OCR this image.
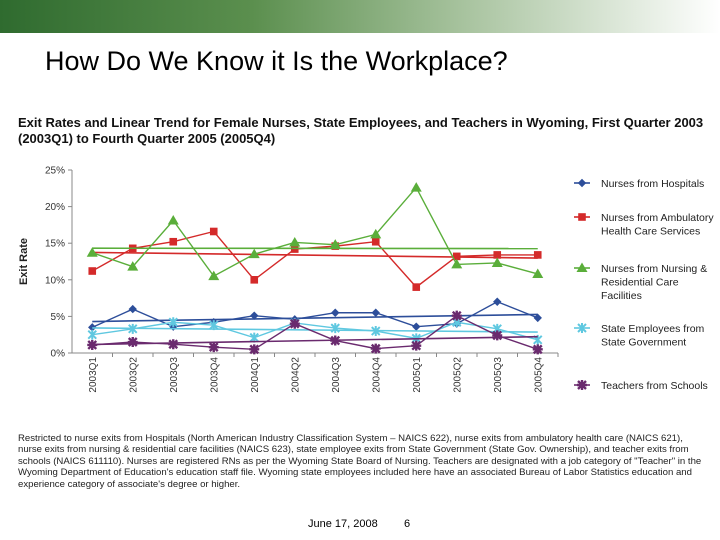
How Do We Know it Is the Workplace?
Exit Rates and Linear Trend for Female Nurses, State Employees, and Teachers in Wyoming, First Quarter 2003 (2003Q1) to Fourth Quarter 2005 (2005Q4)
0%
5%
10%
15%
20%
25%
Exit Rate
2003Q1	2003Q2	2003Q3	2003Q4	2004Q1	2004Q2	2004Q3	2004Q4	2005Q1	2005Q2	2005Q3	2005Q4
Nurses from Hospitals
Nurses from Ambulatory Health Care Services
Nurses from Nursing & Residential Care Facilities
State Employees from State Government
Teachers from Schools
Restricted to nurse exits from Hospitals (North American Industry Classification System – NAICS 622), nurse exits from ambulatory health care (NAICS 621), nurse exits from nursing & residential care facilities (NAICS 623), state employee exits from State Government (State Gov. Ownership), and teacher exits from schools (NAICS 611110). Nurses are registered RNs as per the Wyoming State Board of Nursing. Teachers are designated with a job category of "Teacher" in the Wyoming Department of Education's education staff file. Wyoming state employees included here have an associated Bureau of Labor Statistics education and experience category of associate's degree or higher.
June 17, 2008 6
